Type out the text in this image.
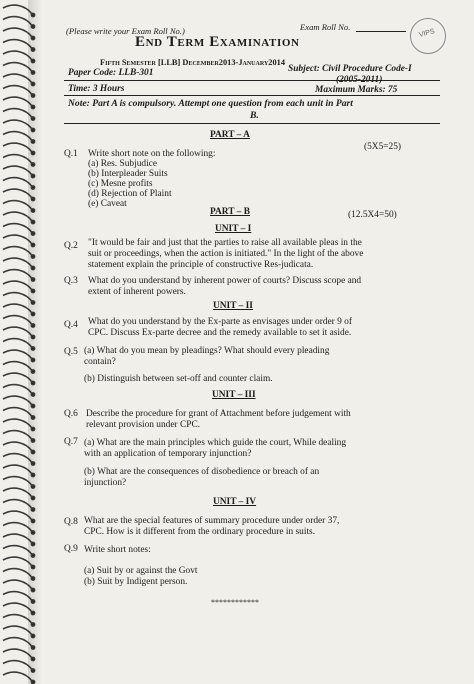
(Please write your Exam Roll No.)	Exam Roll No.
VIPS
End Term Examination
Fifth Semester [LLB] December2013-January2014
Paper Code: LLB-301	Subject: Civil Procedure Code-I
(2005-2011)
Time: 3 Hours	Maximum Marks: 75
Note: Part A is compulsory. Attempt one question from each unit in Part
B.
PART – A
(5X5=25)
Q.1 Write short note on the following:
(a) Res. Subjudice
(b) Interpleader Suits
(c) Mesne profits
(d) Rejection of Plaint
(e) Caveat
PART – B	(12.5X4=50)
UNIT – I
Q.2 "It would be fair and just that the parties to raise all available pleas in the
suit or proceedings, when the action is initiated." In the light of the above
statement explain the principle of constructive Res-judicata.
Q.3 What do you understand by inherent power of courts? Discuss scope and
extent of inherent powers.
UNIT – II
Q.4 What do you understand by the Ex-parte as envisages under order 9 of
CPC. Discuss Ex-parte decree and the remedy available to set it aside.
Q.5 (a) What do you mean by pleadings? What should every pleading
contain?
(b) Distinguish between set-off and counter claim.
UNIT – III
Q.6 Describe the procedure for grant of Attachment before judgement with
relevant provision under CPC.
Q.7 (a) What are the main principles which guide the court, While dealing
with an application of temporary injunction?
(b) What are the consequences of disobedience or breach of an
injunction?
UNIT – IV
Q.8 What are the special features of summary procedure under order 37,
CPC. How is it different from the ordinary procedure in suits.
Q.9 Write short notes:
(a) Suit by or against the Govt
(b) Suit by Indigent person.
************
